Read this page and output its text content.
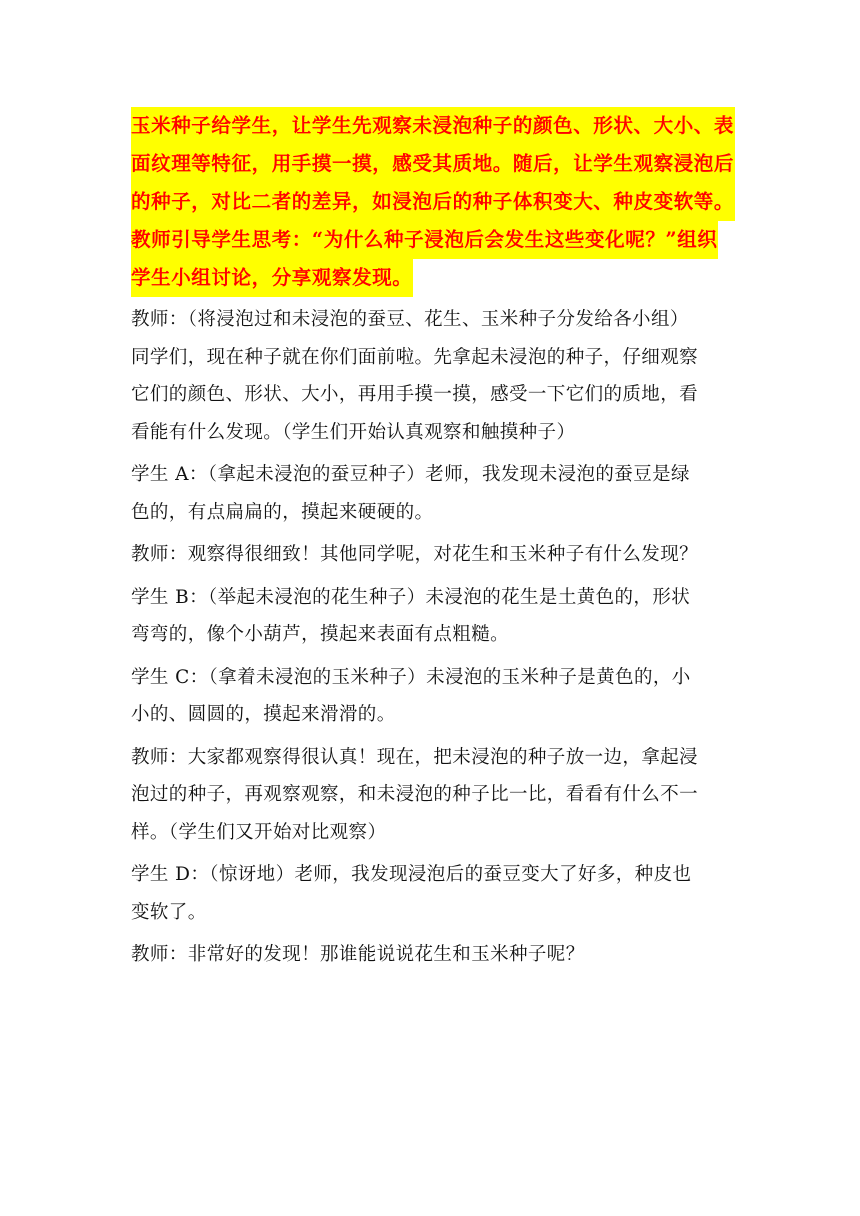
玉米种子给学生，让学生先观察未浸泡种子的颜色、形状、大小、表
面纹理等特征，用手摸一摸，感受其质地。随后，让学生观察浸泡后
的种子，对比二者的差异，如浸泡后的种子体积变大、种皮变软等。
教师引导学生思考：“为什么种子浸泡后会发生这些变化呢？”组织
学生小组讨论，分享观察发现。
教师：（将浸泡过和未浸泡的蚕豆、花生、玉米种子分发给各小组）
同学们，现在种子就在你们面前啦。先拿起未浸泡的种子，仔细观察
它们的颜色、形状、大小，再用手摸一摸，感受一下它们的质地，看
看能有什么发现。（学生们开始认真观察和触摸种子）
学生 A：（拿起未浸泡的蚕豆种子）老师，我发现未浸泡的蚕豆是绿
色的，有点扁扁的，摸起来硬硬的。
教师：观察得很细致！其他同学呢，对花生和玉米种子有什么发现？
学生 B：（举起未浸泡的花生种子）未浸泡的花生是土黄色的，形状
弯弯的，像个小葫芦，摸起来表面有点粗糙。
学生 C：（拿着未浸泡的玉米种子）未浸泡的玉米种子是黄色的，小
小的、圆圆的，摸起来滑滑的。
教师：大家都观察得很认真！现在，把未浸泡的种子放一边，拿起浸
泡过的种子，再观察观察，和未浸泡的种子比一比，看看有什么不一
样。（学生们又开始对比观察）
学生 D：（惊讶地）老师，我发现浸泡后的蚕豆变大了好多，种皮也
变软了。
教师：非常好的发现！那谁能说说花生和玉米种子呢？
